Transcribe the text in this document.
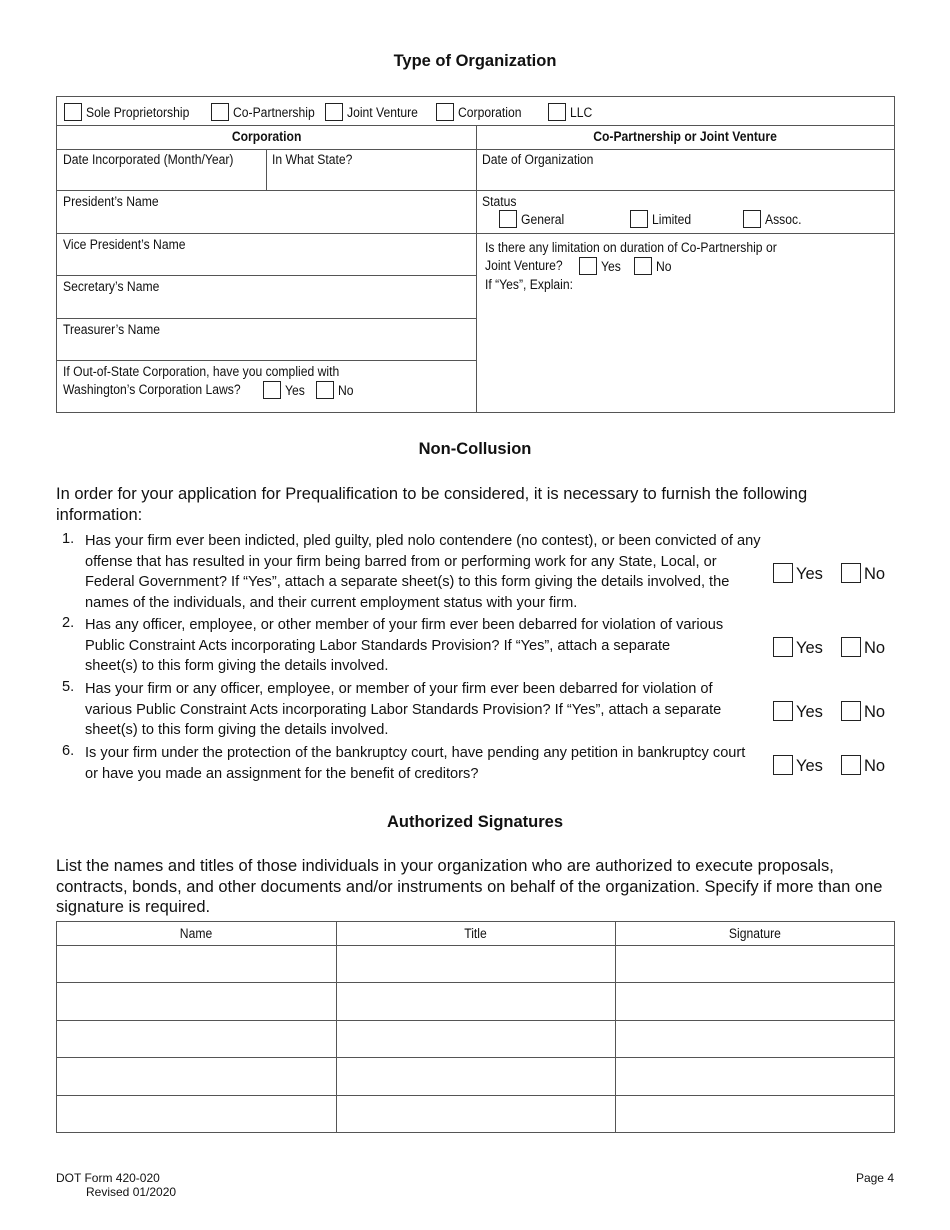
Type of Organization
Sole Proprietorship	Co-Partnership	Joint Venture	Corporation	LLC
Corporation	Co-Partnership or Joint Venture
Date Incorporated (Month/Year)	In What State?
President’s Name
Vice President’s Name
Secretary’s Name
Treasurer’s Name
If Out-of-State Corporation, have you complied with
Washington’s Corporation Laws?	Yes	No
Date of Organization
Status
General	Limited	Assoc.
Is there any limitation on duration of Co-Partnership or
Joint Venture?	Yes	No
If “Yes”, Explain:
Non-Collusion
In order for your application for Prequalification to be considered, it is necessary to furnish the following information:
1. Has your firm ever been indicted, pled guilty, pled nolo contendere (no contest), or been convicted of any offense that has resulted in your firm being barred from or performing work for any State, Local, or Federal Government? If “Yes”, attach a separate sheet(s) to this form giving the details involved, the names of the individuals, and their current employment status with your firm.
Yes	No
2. Has any officer, employee, or other member of your firm ever been debarred for violation of various Public Constraint Acts incorporating Labor Standards Provision? If “Yes”, attach a separate sheet(s) to this form giving the details involved.
Yes	No
5. Has your firm or any officer, employee, or member of your firm ever been debarred for violation of various Public Constraint Acts incorporating Labor Standards Provision? If “Yes”, attach a separate sheet(s) to this form giving the details involved.
Yes	No
6. Is your firm under the protection of the bankruptcy court, have pending any petition in bankruptcy court or have you made an assignment for the benefit of creditors?	Yes	No
Authorized Signatures
List the names and titles of those individuals in your organization who are authorized to execute proposals, contracts, bonds, and other documents and/or instruments on behalf of the organization. Specify if more than one signature is required.
Name	Title	Signature
DOT Form 420-020
Revised 01/2020
Page 4
